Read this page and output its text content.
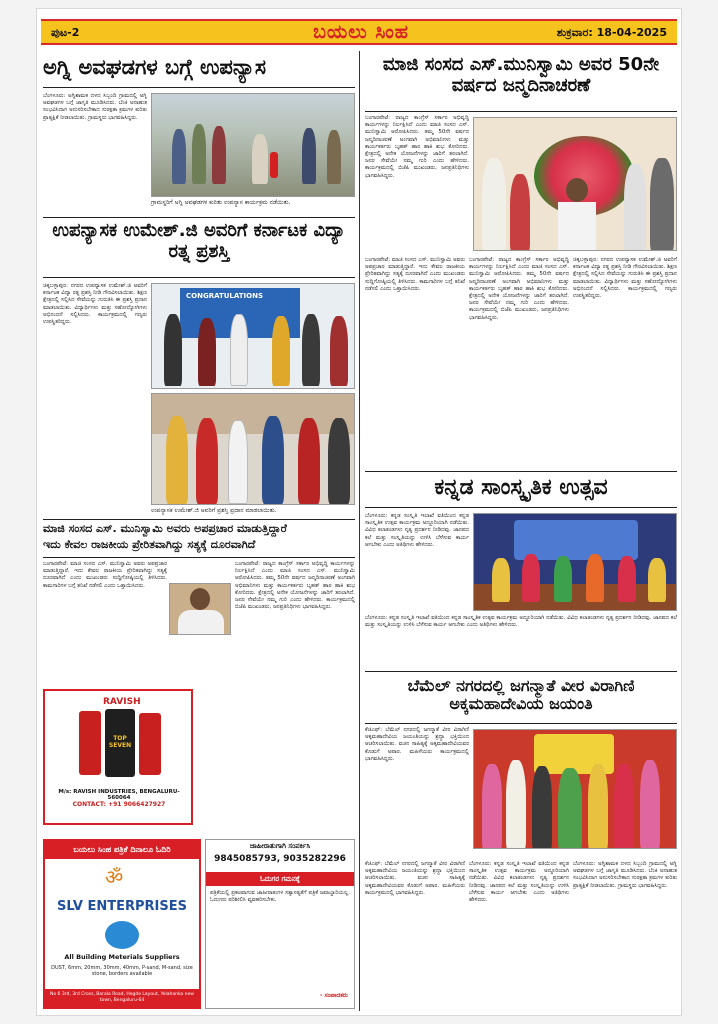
ಪುಟ-2	ಬಯಲು ಸಿಂಹ	ಶುಕ್ರವಾರ: 18-04-2025
ಅಗ್ನಿ ಅವಘಡಗಳ ಬಗ್ಗೆ ಉಪನ್ಯಾಸ
ಬೆಂಗಳೂರು: ಅಗ್ನಿಶಾಮಕ ದಳದ ಸಿಬ್ಬಂದಿ ಗ್ರಾಮದಲ್ಲಿ ಅಗ್ನಿ ಅವಘಡಗಳ ಬಗ್ಗೆ ಜಾಗೃತಿ ಮೂಡಿಸಿದರು. ಬೆಂಕಿ ಅನಾಹುತ ಸಂಭವಿಸಿದಾಗ ಅನುಸರಿಸಬೇಕಾದ ಸುರಕ್ಷತಾ ಕ್ರಮಗಳ ಕುರಿತು ಪ್ರಾತ್ಯಕ್ಷಿಕೆ ನೀಡಲಾಯಿತು. ಗ್ರಾಮಸ್ಥರು ಭಾಗವಹಿಸಿದ್ದರು.
ಗ್ರಾಮಸ್ಥರಿಗೆ ಅಗ್ನಿ ಅವಘಡಗಳ ಕುರಿತು ಉಪನ್ಯಾಸ ಕಾರ್ಯಕ್ರಮ ನಡೆಯಿತು.
ಉಪನ್ಯಾಸಕ ಉಮೇಶ್.ಜಿ ಅವರಿಗೆ ಕರ್ನಾಟಕ ವಿದ್ಯಾ ರತ್ನ ಪ್ರಶಸ್ತಿ
ಚಿಕ್ಕಬಳ್ಳಾಪುರ: ನಗರದ ಉಪನ್ಯಾಸಕ ಉಮೇಶ್.ಜಿ ಅವರಿಗೆ ಕರ್ನಾಟಕ ವಿದ್ಯಾ ರತ್ನ ಪ್ರಶಸ್ತಿ ನೀಡಿ ಗೌರವಿಸಲಾಯಿತು. ಶಿಕ್ಷಣ ಕ್ಷೇತ್ರದಲ್ಲಿ ಸಲ್ಲಿಸಿದ ಸೇವೆಯನ್ನು ಗುರುತಿಸಿ ಈ ಪ್ರಶಸ್ತಿ ಪ್ರದಾನ ಮಾಡಲಾಯಿತು. ವಿದ್ಯಾರ್ಥಿಗಳು ಮತ್ತು ಸಹೋದ್ಯೋಗಿಗಳು ಅಭಿನಂದನೆ ಸಲ್ಲಿಸಿದರು. ಕಾರ್ಯಕ್ರಮದಲ್ಲಿ ಗಣ್ಯರು ಉಪಸ್ಥಿತರಿದ್ದರು.
CONGRATULATIONS
ಉಪನ್ಯಾಸಕ ಉಮೇಶ್.ಜಿ ಅವರಿಗೆ ಪ್ರಶಸ್ತಿ ಪ್ರದಾನ ಮಾಡಲಾಯಿತು.
ಮಾಜಿ ಸಂಸದ ಎಸ್. ಮುನಿಸ್ವಾಮಿ ಅವರು ಅಪಪ್ರಚಾರ ಮಾಡುತ್ತಿದ್ದಾರೆ
ಇದು ಕೇವಲ ರಾಜಕೀಯ ಪ್ರೇರಿತವಾಗಿದ್ದು ಸತ್ಯಕ್ಕೆ ದೂರವಾಗಿದೆ
ಬಂಗಾರಪೇಟೆ: ಮಾಜಿ ಸಂಸದ ಎಸ್. ಮುನಿಸ್ವಾಮಿ ಅವರು ಅಪಪ್ರಚಾರ ಮಾಡುತ್ತಿದ್ದಾರೆ. ಇದು ಕೇವಲ ರಾಜಕೀಯ ಪ್ರೇರಿತವಾಗಿದ್ದು ಸತ್ಯಕ್ಕೆ ದೂರವಾಗಿದೆ ಎಂದು ಮುಖಂಡರು ಸುದ್ದಿಗೋಷ್ಠಿಯಲ್ಲಿ ತಿಳಿಸಿದರು. ಕಾಮಗಾರಿಗಳ ಬಗ್ಗೆ ತನಿಖೆ ನಡೆಸಲಿ ಎಂದು ಒತ್ತಾಯಿಸಿದರು.
ಬಂಗಾರಪೇಟೆ: ರಾಜ್ಯದ ಕಾಂಗ್ರೆಸ್ ಸರ್ಕಾರ ಅಭಿವೃದ್ಧಿ ಕಾರ್ಯಗಳನ್ನು ನಿರ್ಲಕ್ಷಿಸಿದೆ ಎಂದು ಮಾಜಿ ಸಂಸದ ಎಸ್. ಮುನಿಸ್ವಾಮಿ ಆರೋಪಿಸಿದರು. ತಮ್ಮ 50ನೇ ವರ್ಷದ ಜನ್ಮದಿನಾಚರಣೆ ಅಂಗವಾಗಿ ಅಭಿಮಾನಿಗಳು ಮತ್ತು ಕಾರ್ಯಕರ್ತರು ಬೃಹತ್ ಹಾರ ಹಾಕಿ ಶುಭ ಕೋರಿದರು. ಕ್ಷೇತ್ರದಲ್ಲಿ ಅನೇಕ ಯೋಜನೆಗಳನ್ನು ಜಾರಿಗೆ ತರಲಾಗಿದೆ. ಜನರ ಸೇವೆಯೇ ನಮ್ಮ ಗುರಿ ಎಂದು ಹೇಳಿದರು. ಕಾರ್ಯಕ್ರಮದಲ್ಲಿ ಬಿಜೆಪಿ ಮುಖಂಡರು, ಜನಪ್ರತಿನಿಧಿಗಳು ಭಾಗವಹಿಸಿದ್ದರು.
RAVISH
TOP SEVEN
M/s: RAVISH INDUSTRIES, BENGALURU-560064
CONTACT: +91 9066427927
ಬಯಲು ಸಿಂಹ ಪತ್ರಿಕೆ ದಿನಾಲೂ ಓದಿರಿ
ॐ
SLV ENTERPRISES
All Building Meterials Suppliers
DUST, 6mm, 20mm, 30mm, 40mm, P-sand, M-sand, size stone, borders available
No 6 3rd, 3rd Cross, Barala Road, Hegde Layout, Yelahanka new town, Bengaluru-64
ಜಾಹೀರಾತುಗಾಗಿ ಸಂಪರ್ಕಿಸಿ
9845085793, 9035282296
ಓದುಗರ ಗಮನಕ್ಕೆ
ಪತ್ರಿಕೆಯಲ್ಲಿ ಪ್ರಕಟವಾಗುವ ಜಾಹೀರಾತುಗಳ ಸತ್ಯಾಸತ್ಯತೆಗೆ ಪತ್ರಿಕೆ ಜವಾಬ್ದಾರಿಯಲ್ಲ. ಓದುಗರು ಪರಿಶೀಲಿಸಿ ವ್ಯವಹರಿಸಬೇಕು.
- ಸಂಪಾದಕರು
ಮಾಜಿ ಸಂಸದ ಎಸ್.ಮುನಿಸ್ವಾಮಿ ಅವರ 50ನೇ ವರ್ಷದ ಜನ್ಮದಿನಾಚರಣೆ
ಬಂಗಾರಪೇಟೆ: ರಾಜ್ಯದ ಕಾಂಗ್ರೆಸ್ ಸರ್ಕಾರ ಅಭಿವೃದ್ಧಿ ಕಾರ್ಯಗಳನ್ನು ನಿರ್ಲಕ್ಷಿಸಿದೆ ಎಂದು ಮಾಜಿ ಸಂಸದ ಎಸ್. ಮುನಿಸ್ವಾಮಿ ಆರೋಪಿಸಿದರು. ತಮ್ಮ 50ನೇ ವರ್ಷದ ಜನ್ಮದಿನಾಚರಣೆ ಅಂಗವಾಗಿ ಅಭಿಮಾನಿಗಳು ಮತ್ತು ಕಾರ್ಯಕರ್ತರು ಬೃಹತ್ ಹಾರ ಹಾಕಿ ಶುಭ ಕೋರಿದರು. ಕ್ಷೇತ್ರದಲ್ಲಿ ಅನೇಕ ಯೋಜನೆಗಳನ್ನು ಜಾರಿಗೆ ತರಲಾಗಿದೆ. ಜನರ ಸೇವೆಯೇ ನಮ್ಮ ಗುರಿ ಎಂದು ಹೇಳಿದರು. ಕಾರ್ಯಕ್ರಮದಲ್ಲಿ ಬಿಜೆಪಿ ಮುಖಂಡರು, ಜನಪ್ರತಿನಿಧಿಗಳು ಭಾಗವಹಿಸಿದ್ದರು.
ಬಂಗಾರಪೇಟೆ: ಮಾಜಿ ಸಂಸದ ಎಸ್. ಮುನಿಸ್ವಾಮಿ ಅವರು ಅಪಪ್ರಚಾರ ಮಾಡುತ್ತಿದ್ದಾರೆ. ಇದು ಕೇವಲ ರಾಜಕೀಯ ಪ್ರೇರಿತವಾಗಿದ್ದು ಸತ್ಯಕ್ಕೆ ದೂರವಾಗಿದೆ ಎಂದು ಮುಖಂಡರು ಸುದ್ದಿಗೋಷ್ಠಿಯಲ್ಲಿ ತಿಳಿಸಿದರು. ಕಾಮಗಾರಿಗಳ ಬಗ್ಗೆ ತನಿಖೆ ನಡೆಸಲಿ ಎಂದು ಒತ್ತಾಯಿಸಿದರು.
ಬಂಗಾರಪೇಟೆ: ರಾಜ್ಯದ ಕಾಂಗ್ರೆಸ್ ಸರ್ಕಾರ ಅಭಿವೃದ್ಧಿ ಕಾರ್ಯಗಳನ್ನು ನಿರ್ಲಕ್ಷಿಸಿದೆ ಎಂದು ಮಾಜಿ ಸಂಸದ ಎಸ್. ಮುನಿಸ್ವಾಮಿ ಆರೋಪಿಸಿದರು. ತಮ್ಮ 50ನೇ ವರ್ಷದ ಜನ್ಮದಿನಾಚರಣೆ ಅಂಗವಾಗಿ ಅಭಿಮಾನಿಗಳು ಮತ್ತು ಕಾರ್ಯಕರ್ತರು ಬೃಹತ್ ಹಾರ ಹಾಕಿ ಶುಭ ಕೋರಿದರು. ಕ್ಷೇತ್ರದಲ್ಲಿ ಅನೇಕ ಯೋಜನೆಗಳನ್ನು ಜಾರಿಗೆ ತರಲಾಗಿದೆ. ಜನರ ಸೇವೆಯೇ ನಮ್ಮ ಗುರಿ ಎಂದು ಹೇಳಿದರು. ಕಾರ್ಯಕ್ರಮದಲ್ಲಿ ಬಿಜೆಪಿ ಮುಖಂಡರು, ಜನಪ್ರತಿನಿಧಿಗಳು ಭಾಗವಹಿಸಿದ್ದರು.
ಚಿಕ್ಕಬಳ್ಳಾಪುರ: ನಗರದ ಉಪನ್ಯಾಸಕ ಉಮೇಶ್.ಜಿ ಅವರಿಗೆ ಕರ್ನಾಟಕ ವಿದ್ಯಾ ರತ್ನ ಪ್ರಶಸ್ತಿ ನೀಡಿ ಗೌರವಿಸಲಾಯಿತು. ಶಿಕ್ಷಣ ಕ್ಷೇತ್ರದಲ್ಲಿ ಸಲ್ಲಿಸಿದ ಸೇವೆಯನ್ನು ಗುರುತಿಸಿ ಈ ಪ್ರಶಸ್ತಿ ಪ್ರದಾನ ಮಾಡಲಾಯಿತು. ವಿದ್ಯಾರ್ಥಿಗಳು ಮತ್ತು ಸಹೋದ್ಯೋಗಿಗಳು ಅಭಿನಂದನೆ ಸಲ್ಲಿಸಿದರು. ಕಾರ್ಯಕ್ರಮದಲ್ಲಿ ಗಣ್ಯರು ಉಪಸ್ಥಿತರಿದ್ದರು.
ಕನ್ನಡ ಸಾಂಸ್ಕೃತಿಕ ಉತ್ಸವ
ಬೆಂಗಳೂರು: ಕನ್ನಡ ಸಂಸ್ಕೃತಿ ಇಲಾಖೆ ವತಿಯಿಂದ ಕನ್ನಡ ಸಾಂಸ್ಕೃತಿಕ ಉತ್ಸವ ಕಾರ್ಯಕ್ರಮ ಅದ್ದೂರಿಯಾಗಿ ನಡೆಯಿತು. ವಿವಿಧ ಕಲಾತಂಡಗಳು ನೃತ್ಯ ಪ್ರದರ್ಶನ ನೀಡಿದವು. ಜಾನಪದ ಕಲೆ ಮತ್ತು ಸಂಸ್ಕೃತಿಯನ್ನು ಉಳಿಸಿ ಬೆಳೆಸುವ ಕಾರ್ಯ ಆಗಬೇಕು ಎಂದು ಅತಿಥಿಗಳು ಹೇಳಿದರು.
ಬೆಂಗಳೂರು: ಕನ್ನಡ ಸಂಸ್ಕೃತಿ ಇಲಾಖೆ ವತಿಯಿಂದ ಕನ್ನಡ ಸಾಂಸ್ಕೃತಿಕ ಉತ್ಸವ ಕಾರ್ಯಕ್ರಮ ಅದ್ದೂರಿಯಾಗಿ ನಡೆಯಿತು. ವಿವಿಧ ಕಲಾತಂಡಗಳು ನೃತ್ಯ ಪ್ರದರ್ಶನ ನೀಡಿದವು. ಜಾನಪದ ಕಲೆ ಮತ್ತು ಸಂಸ್ಕೃತಿಯನ್ನು ಉಳಿಸಿ ಬೆಳೆಸುವ ಕಾರ್ಯ ಆಗಬೇಕು ಎಂದು ಅತಿಥಿಗಳು ಹೇಳಿದರು.
ಬೆಮೆಲ್ ನಗರದಲ್ಲಿ ಜಗನ್ಮಾತೆ ವೀರ ವಿರಾಗಿಣಿ ಅಕ್ಕಮಹಾದೇವಿಯ ಜಯಂತಿ
ಕೆಜಿಎಫ್: ಬೆಮೆಲ್ ನಗರದಲ್ಲಿ ಜಗನ್ಮಾತೆ ವೀರ ವಿರಾಗಿಣಿ ಅಕ್ಕಮಹಾದೇವಿಯ ಜಯಂತಿಯನ್ನು ಶ್ರದ್ಧಾ ಭಕ್ತಿಯಿಂದ ಆಚರಿಸಲಾಯಿತು. ವಚನ ಸಾಹಿತ್ಯಕ್ಕೆ ಅಕ್ಕಮಹಾದೇವಿಯವರ ಕೊಡುಗೆ ಅಪಾರ. ಮಹಿಳೆಯರು ಕಾರ್ಯಕ್ರಮದಲ್ಲಿ ಭಾಗವಹಿಸಿದ್ದರು.
ಕೆಜಿಎಫ್: ಬೆಮೆಲ್ ನಗರದಲ್ಲಿ ಜಗನ್ಮಾತೆ ವೀರ ವಿರಾಗಿಣಿ ಅಕ್ಕಮಹಾದೇವಿಯ ಜಯಂತಿಯನ್ನು ಶ್ರದ್ಧಾ ಭಕ್ತಿಯಿಂದ ಆಚರಿಸಲಾಯಿತು. ವಚನ ಸಾಹಿತ್ಯಕ್ಕೆ ಅಕ್ಕಮಹಾದೇವಿಯವರ ಕೊಡುಗೆ ಅಪಾರ. ಮಹಿಳೆಯರು ಕಾರ್ಯಕ್ರಮದಲ್ಲಿ ಭಾಗವಹಿಸಿದ್ದರು.
ಬೆಂಗಳೂರು: ಕನ್ನಡ ಸಂಸ್ಕೃತಿ ಇಲಾಖೆ ವತಿಯಿಂದ ಕನ್ನಡ ಸಾಂಸ್ಕೃತಿಕ ಉತ್ಸವ ಕಾರ್ಯಕ್ರಮ ಅದ್ದೂರಿಯಾಗಿ ನಡೆಯಿತು. ವಿವಿಧ ಕಲಾತಂಡಗಳು ನೃತ್ಯ ಪ್ರದರ್ಶನ ನೀಡಿದವು. ಜಾನಪದ ಕಲೆ ಮತ್ತು ಸಂಸ್ಕೃತಿಯನ್ನು ಉಳಿಸಿ ಬೆಳೆಸುವ ಕಾರ್ಯ ಆಗಬೇಕು ಎಂದು ಅತಿಥಿಗಳು ಹೇಳಿದರು.
ಬೆಂಗಳೂರು: ಅಗ್ನಿಶಾಮಕ ದಳದ ಸಿಬ್ಬಂದಿ ಗ್ರಾಮದಲ್ಲಿ ಅಗ್ನಿ ಅವಘಡಗಳ ಬಗ್ಗೆ ಜಾಗೃತಿ ಮೂಡಿಸಿದರು. ಬೆಂಕಿ ಅನಾಹುತ ಸಂಭವಿಸಿದಾಗ ಅನುಸರಿಸಬೇಕಾದ ಸುರಕ್ಷತಾ ಕ್ರಮಗಳ ಕುರಿತು ಪ್ರಾತ್ಯಕ್ಷಿಕೆ ನೀಡಲಾಯಿತು. ಗ್ರಾಮಸ್ಥರು ಭಾಗವಹಿಸಿದ್ದರು.
